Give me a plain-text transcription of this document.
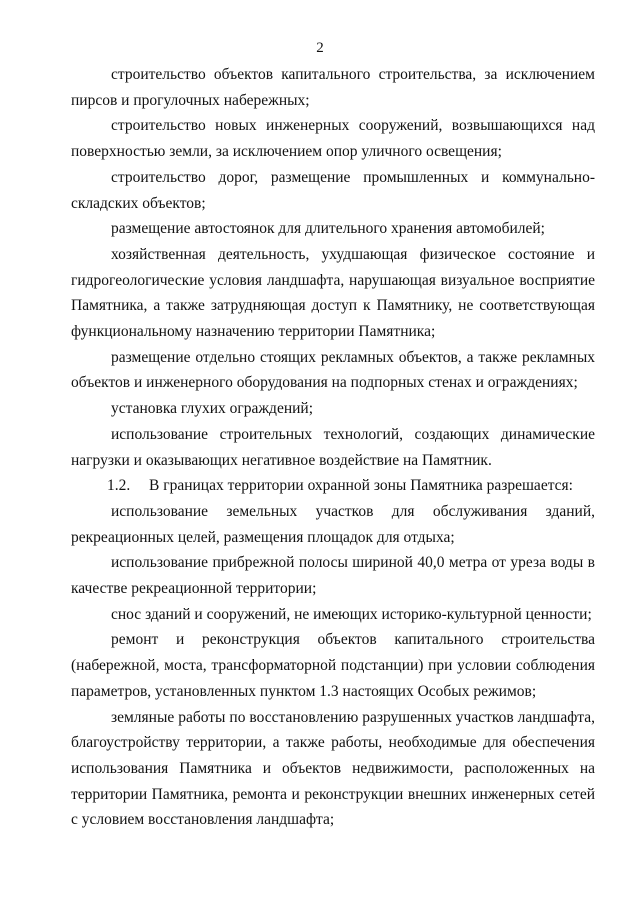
2

строительство объектов капитального строительства, за исключением пирсов и прогулочных набережных;

строительство новых инженерных сооружений, возвышающихся над поверхностью земли, за исключением опор уличного освещения;

строительство дорог, размещение промышленных и коммунально-складских объектов;

размещение автостоянок для длительного хранения автомобилей;

хозяйственная деятельность, ухудшающая физическое состояние и гидрогеологические условия ландшафта, нарушающая визуальное восприятие Памятника, а также затрудняющая доступ к Памятнику, не соответствующая функциональному назначению территории Памятника;

размещение отдельно стоящих рекламных объектов, а также рекламных объектов и инженерного оборудования на подпорных стенах и ограждениях;

установка глухих ограждений;

использование строительных технологий, создающих динамические нагрузки и оказывающих негативное воздействие на Памятник.

1.2. В границах территории охранной зоны Памятника разрешается:

использование земельных участков для обслуживания зданий, рекреационных целей, размещения площадок для отдыха;

использование прибрежной полосы шириной 40,0 метра от уреза воды в качестве рекреационной территории;

снос зданий и сооружений, не имеющих историко-культурной ценности;

ремонт и реконструкция объектов капитального строительства (набережной, моста, трансформаторной подстанции) при условии соблюдения параметров, установленных пунктом 1.3 настоящих Особых режимов;

земляные работы по восстановлению разрушенных участков ландшафта, благоустройству территории, а также работы, необходимые для обеспечения использования Памятника и объектов недвижимости, расположенных на территории Памятника, ремонта и реконструкции внешних инженерных сетей с условием восстановления ландшафта;
